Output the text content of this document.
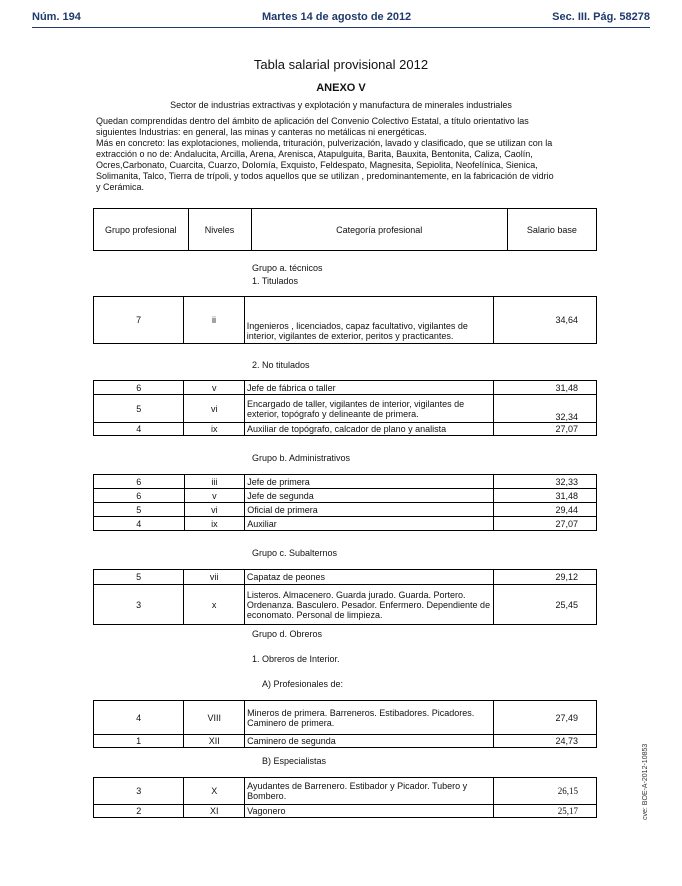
Núm. 194	Martes 14 de agosto de 2012	Sec. III. Pág. 58278
Tabla salarial provisional 2012
ANEXO V
Sector de industrias extractivas y explotación y manufactura de minerales industriales
Quedan comprendidas dentro del ámbito de aplicación del Convenio Colectivo Estatal, a título orientativo las
siguientes Industrias: en general, las minas y canteras no metálicas ni energéticas.
Más en concreto: las explotaciones, molienda, trituración, pulverización, lavado y clasificado, que se utilizan con la
extracción o no de: Andalucita, Arcilla, Arena, Arenisca, Atapulguita, Barita, Bauxita, Bentonita, Caliza, Caolín,
Ocres,Carbonato, Cuarcita, Cuarzo, Dolomía, Exquisto, Feldespato, Magnesita, Sepiolita, Neofelínica, Sienica,
Solimanita, Talco, Tierra de trípoli, y todos aquellos que se utilizan , predominantemente, en la fabricación de vidrio
y Cerámica.
Grupo profesional	Niveles	Categoría profesional	Salario base
Grupo a. técnicos
1. Titulados
7	ii	Ingenieros , licenciados, capaz facultativo, vigilantes de interior, vigilantes de exterior, peritos y practicantes.	34,64
2. No titulados
6	v	Jefe de fábrica o taller	31,48
5	vi	Encargado de taller, vigilantes de interior, vigilantes de exterior, topógrafo y delineante de primera.	32,34
4	ix	Auxiliar de topógrafo, calcador de plano y analista	27,07
Grupo b. Administrativos
6	iii	Jefe de primera	32,33
6	v	Jefe de segunda	31,48
5	vi	Oficial de primera	29,44
4	ix	Auxiliar	27,07
Grupo c. Subalternos
5	vii	Capataz de peones	29,12
3	x	Listeros. Almacenero. Guarda jurado. Guarda. Portero. Ordenanza. Basculero. Pesador. Enfermero. Dependiente de economato. Personal de limpieza.	25,45
Grupo d. Obreros
1. Obreros de Interior.
A) Profesionales de:
4	VIII	Mineros de primera. Barreneros. Estibadores. Picadores. Caminero de primera.	27,49
1	XII	Caminero de segunda	24,73
B) Especialistas
3	X	Ayudantes de Barrenero. Estibador y Picador. Tubero y Bombero.	26,15
2	XI	Vagonero	25,17	cve: BOE-A-2012-10853
